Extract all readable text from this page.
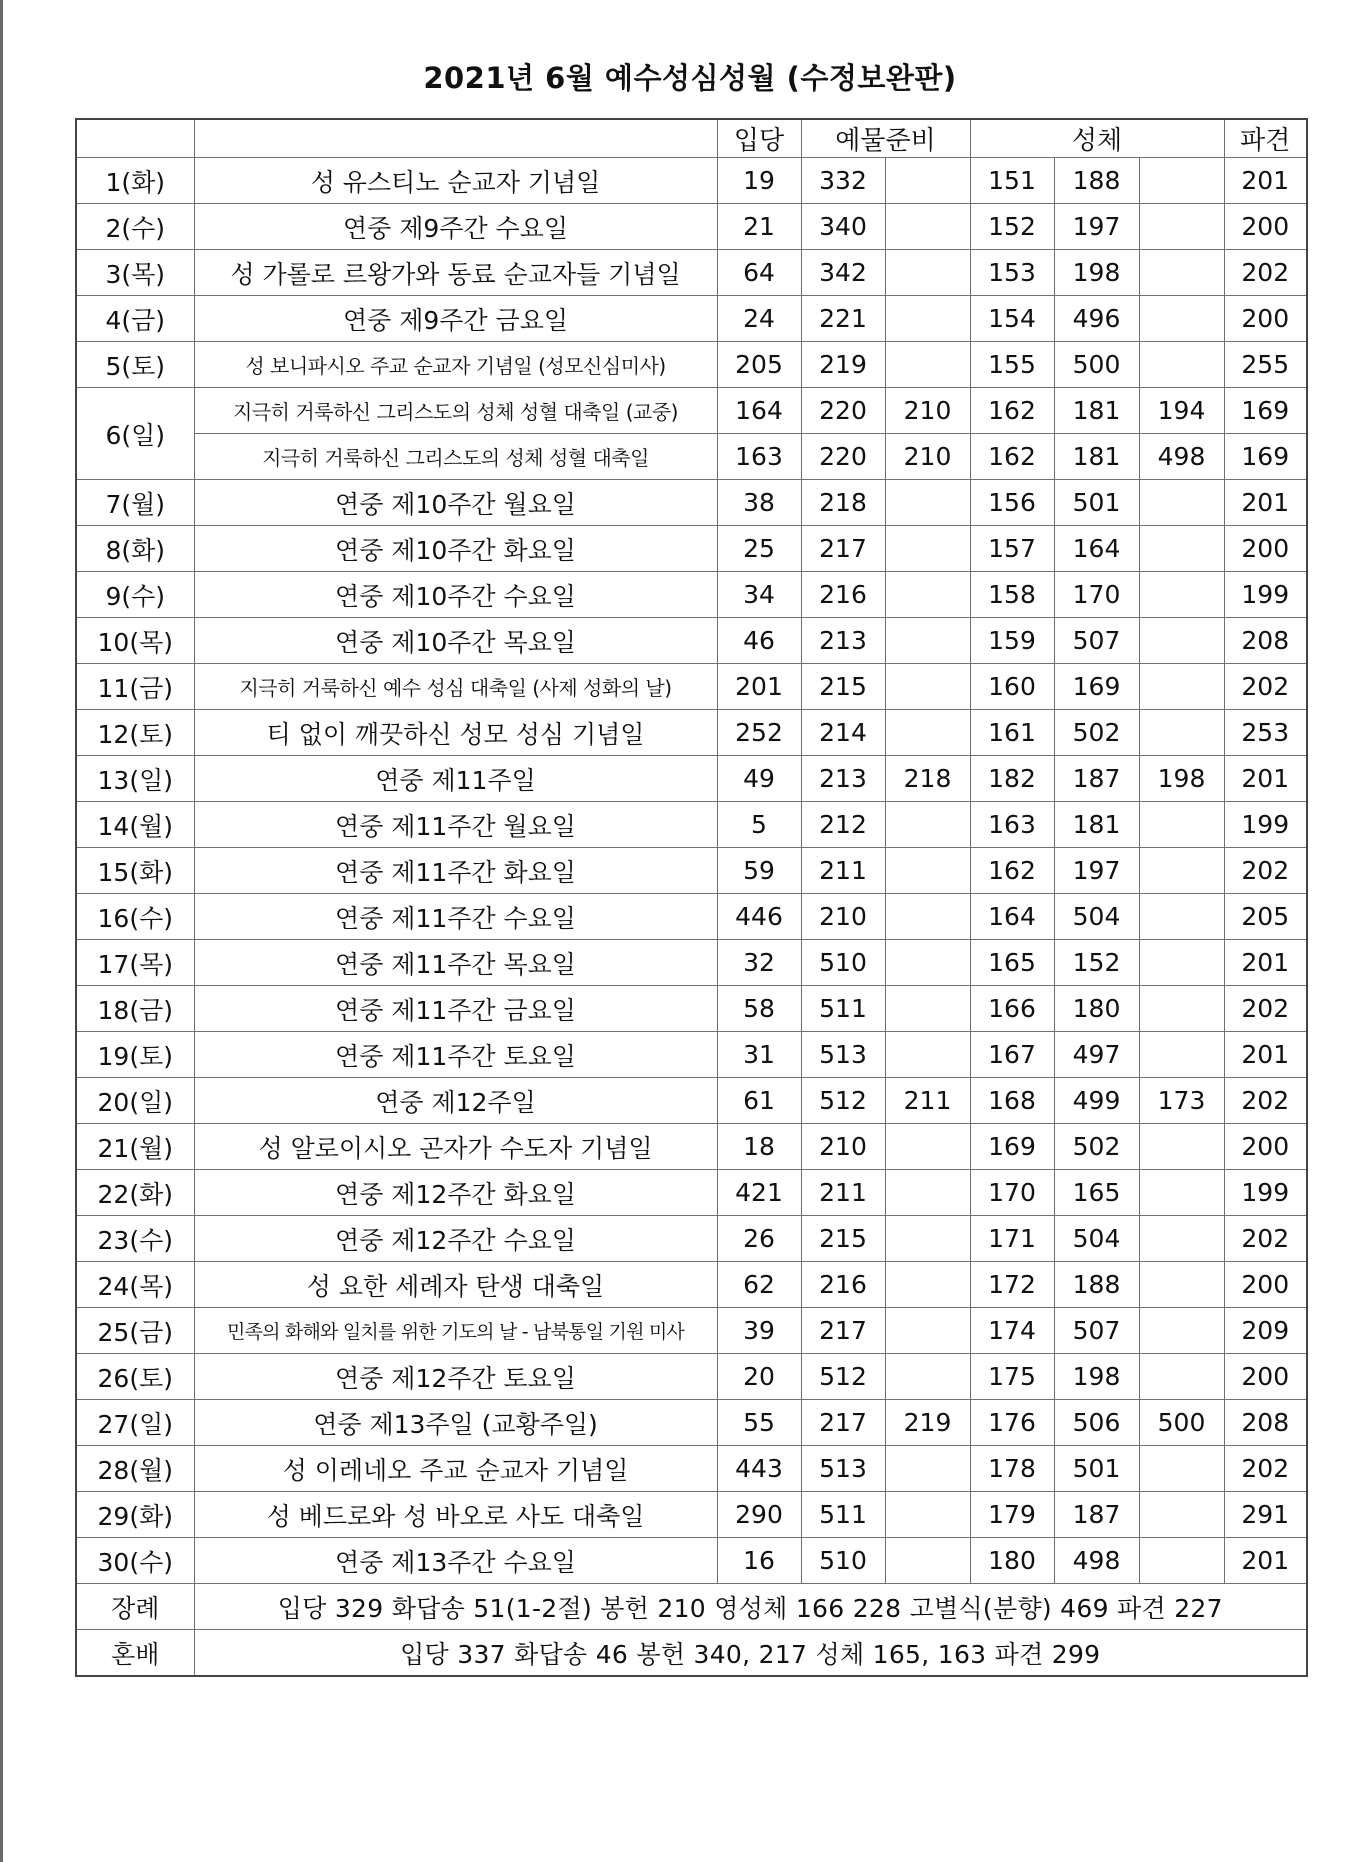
2021년 6월 예수성심성월 (수정보완판)
		입당	예물준비		성체			파견
1(화)	성 유스티노 순교자 기념일	19	332		151	188		201
2(수)	연중 제9주간 수요일	21	340		152	197		200
3(목)	성 가롤로 르왕가와 동료 순교자들 기념일	64	342		153	198		202
4(금)	연중 제9주간 금요일	24	221		154	496		200
5(토)	성 보니파시오 주교 순교자 기념일 (성모신심미사)	205	219		155	500		255
6(일)	지극히 거룩하신 그리스도의 성체 성혈 대축일 (교중)	164	220	210	162	181	194	169
	지극히 거룩하신 그리스도의 성체 성혈 대축일	163	220	210	162	181	498	169
7(월)	연중 제10주간 월요일	38	218		156	501		201
8(화)	연중 제10주간 화요일	25	217		157	164		200
9(수)	연중 제10주간 수요일	34	216		158	170		199
10(목)	연중 제10주간 목요일	46	213		159	507		208
11(금)	지극히 거룩하신 예수 성심 대축일 (사제 성화의 날)	201	215		160	169		202
12(토)	티 없이 깨끗하신 성모 성심 기념일	252	214		161	502		253
13(일)	연중 제11주일	49	213	218	182	187	198	201
14(월)	연중 제11주간 월요일	5	212		163	181		199
15(화)	연중 제11주간 화요일	59	211		162	197		202
16(수)	연중 제11주간 수요일	446	210		164	504		205
17(목)	연중 제11주간 목요일	32	510		165	152		201
18(금)	연중 제11주간 금요일	58	511		166	180		202
19(토)	연중 제11주간 토요일	31	513		167	497		201
20(일)	연중 제12주일	61	512	211	168	499	173	202
21(월)	성 알로이시오 곤자가 수도자 기념일	18	210		169	502		200
22(화)	연중 제12주간 화요일	421	211		170	165		199
23(수)	연중 제12주간 수요일	26	215		171	504		202
24(목)	성 요한 세례자 탄생 대축일	62	216		172	188		200
25(금)	민족의 화해와 일치를 위한 기도의 날 - 남북통일 기원 미사	39	217		174	507		209
26(토)	연중 제12주간 토요일	20	512		175	198		200
27(일)	연중 제13주일 (교황주일)	55	217	219	176	506	500	208
28(월)	성 이레네오 주교 순교자 기념일	443	513		178	501		202
29(화)	성 베드로와 성 바오로 사도 대축일	290	511		179	187		291
30(수)	연중 제13주간 수요일	16	510		180	498		201
장례	입당 329 화답송 51(1-2절) 봉헌 210 영성체 166 228 고별식(분향) 469 파견 227							
혼배	입당 337 화답송 46 봉헌 340, 217 성체 165, 163 파견 299							
